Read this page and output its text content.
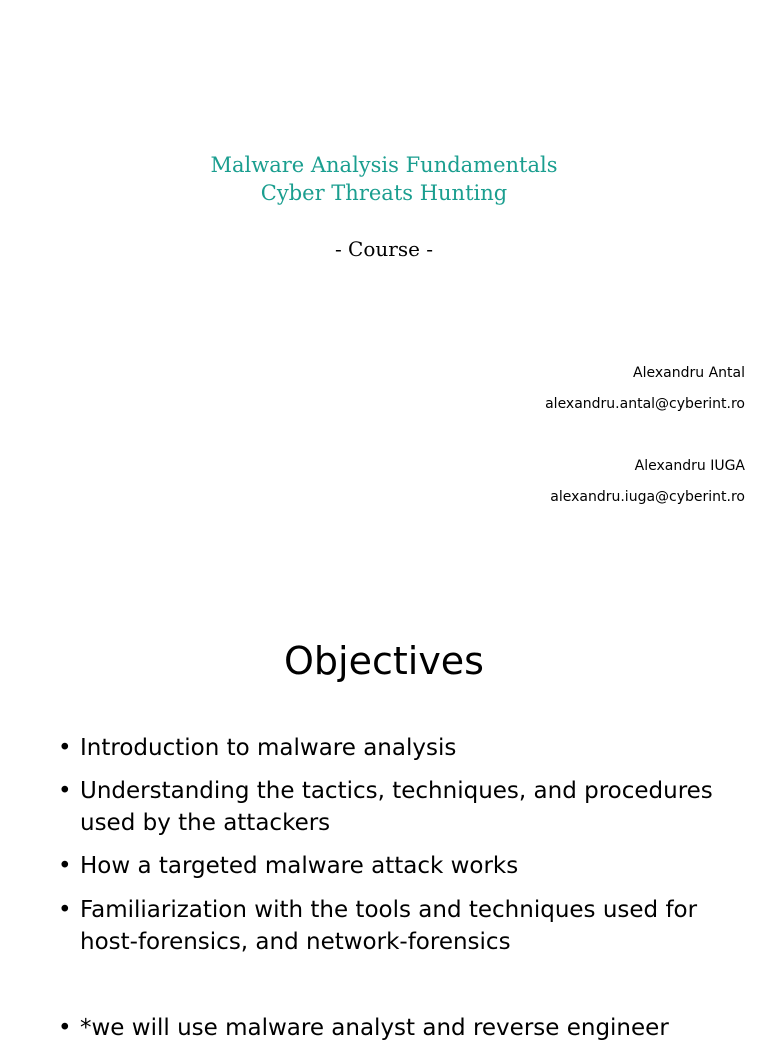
Malware Analysis Fundamentals
Cyber Threats Hunting
- Course -
Alexandru Antal
alexandru.antal@cyberint.ro
Alexandru IUGA
alexandru.iuga@cyberint.ro
Objectives
• Introduction to malware analysis
• Understanding the tactics, techniques, and procedures used by the attackers
• How a targeted malware attack works
• Familiarization with the tools and techniques used for host-forensics, and network-forensics
• *we will use malware analyst and reverse engineer
